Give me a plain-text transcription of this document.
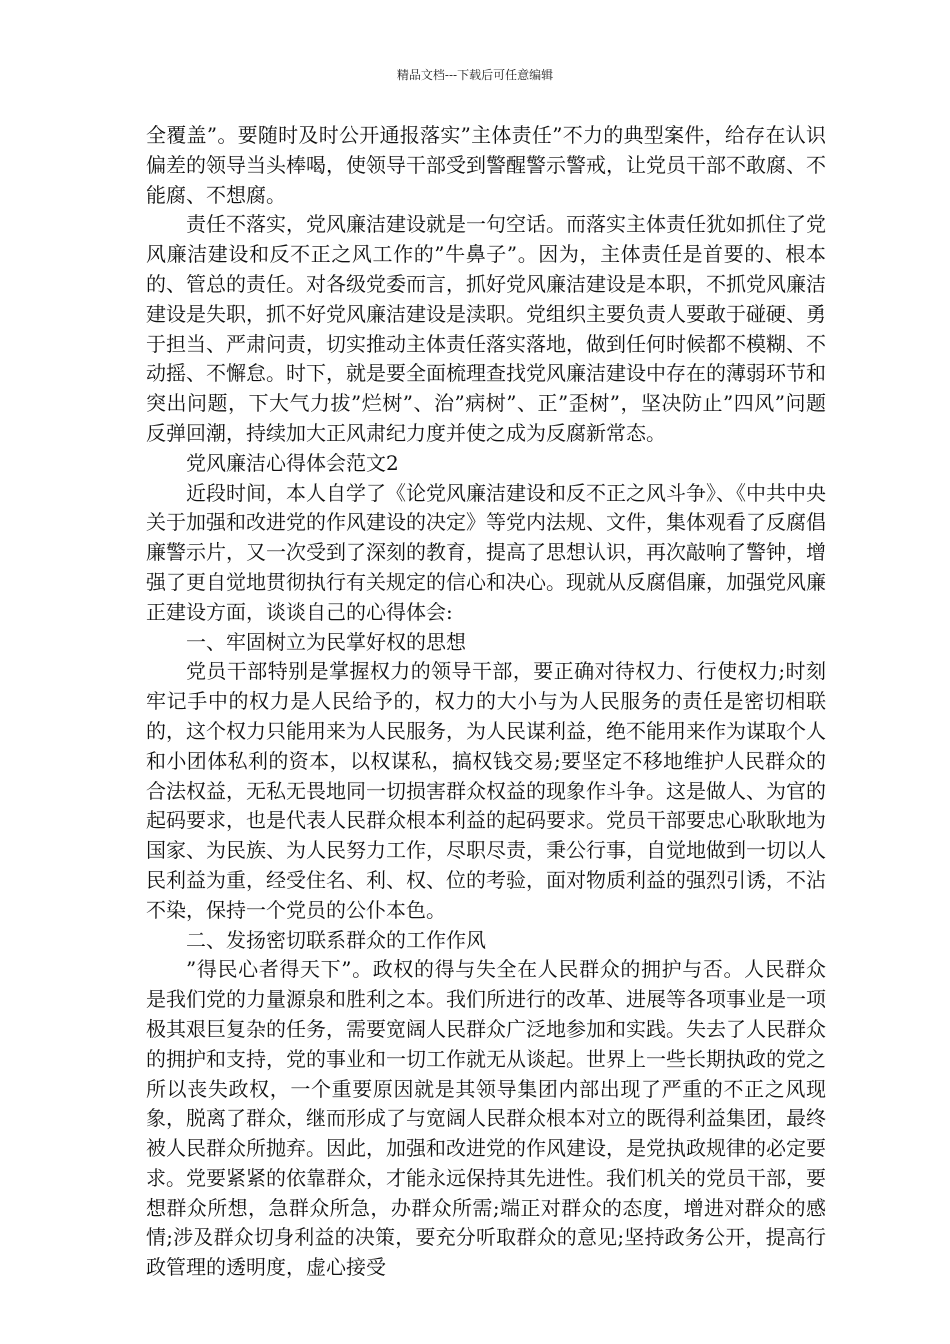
精品文档---下载后可任意编辑

全覆盖”。要随时及时公开通报落实”主体责任”不力的典型案件，给存在认识偏差的领导当头棒喝，使领导干部受到警醒警示警戒，让党员干部不敢腐、不能腐、不想腐。

责任不落实，党风廉洁建设就是一句空话。而落实主体责任犹如抓住了党风廉洁建设和反不正之风工作的”牛鼻子”。因为，主体责任是首要的、根本的、管总的责任。对各级党委而言，抓好党风廉洁建设是本职，不抓党风廉洁建设是失职，抓不好党风廉洁建设是渎职。党组织主要负责人要敢于碰硬、勇于担当、严肃问责，切实推动主体责任落实落地，做到任何时候都不模糊、不动摇、不懈怠。时下，就是要全面梳理查找党风廉洁建设中存在的薄弱环节和突出问题，下大气力拔”烂树”、治”病树”、正”歪树”，坚决防止”四风”问题反弹回潮，持续加大正风肃纪力度并使之成为反腐新常态。

党风廉洁心得体会范文2

近段时间，本人自学了《论党风廉洁建设和反不正之风斗争》、《中共中央关于加强和改进党的作风建设的决定》等党内法规、文件，集体观看了反腐倡廉警示片，又一次受到了深刻的教育，提高了思想认识，再次敲响了警钟，增强了更自觉地贯彻执行有关规定的信心和决心。现就从反腐倡廉，加强党风廉正建设方面，谈谈自己的心得体会:

一、牢固树立为民掌好权的思想

党员干部特别是掌握权力的领导干部，要正确对待权力、行使权力;时刻牢记手中的权力是人民给予的，权力的大小与为人民服务的责任是密切相联的，这个权力只能用来为人民服务，为人民谋利益，绝不能用来作为谋取个人和小团体私利的资本，以权谋私，搞权钱交易;要坚定不移地维护人民群众的合法权益，无私无畏地同一切损害群众权益的现象作斗争。这是做人、为官的起码要求，也是代表人民群众根本利益的起码要求。党员干部要忠心耿耿地为国家、为民族、为人民努力工作，尽职尽责，秉公行事，自觉地做到一切以人民利益为重，经受住名、利、权、位的考验，面对物质利益的强烈引诱，不沾不染，保持一个党员的公仆本色。

二、发扬密切联系群众的工作作风

”得民心者得天下”。政权的得与失全在人民群众的拥护与否。人民群众是我们党的力量源泉和胜利之本。我们所进行的改革、进展等各项事业是一项极其艰巨复杂的任务，需要宽阔人民群众广泛地参加和实践。失去了人民群众的拥护和支持，党的事业和一切工作就无从谈起。世界上一些长期执政的党之所以丧失政权，一个重要原因就是其领导集团内部出现了严重的不正之风现象，脱离了群众，继而形成了与宽阔人民群众根本对立的既得利益集团，最终被人民群众所抛弃。因此，加强和改进党的作风建设，是党执政规律的必定要求。党要紧紧的依靠群众，才能永远保持其先进性。我们机关的党员干部，要想群众所想，急群众所急，办群众所需;端正对群众的态度，增进对群众的感情;涉及群众切身利益的决策，要充分听取群众的意见;坚持政务公开，提高行政管理的透明度，虚心接受
